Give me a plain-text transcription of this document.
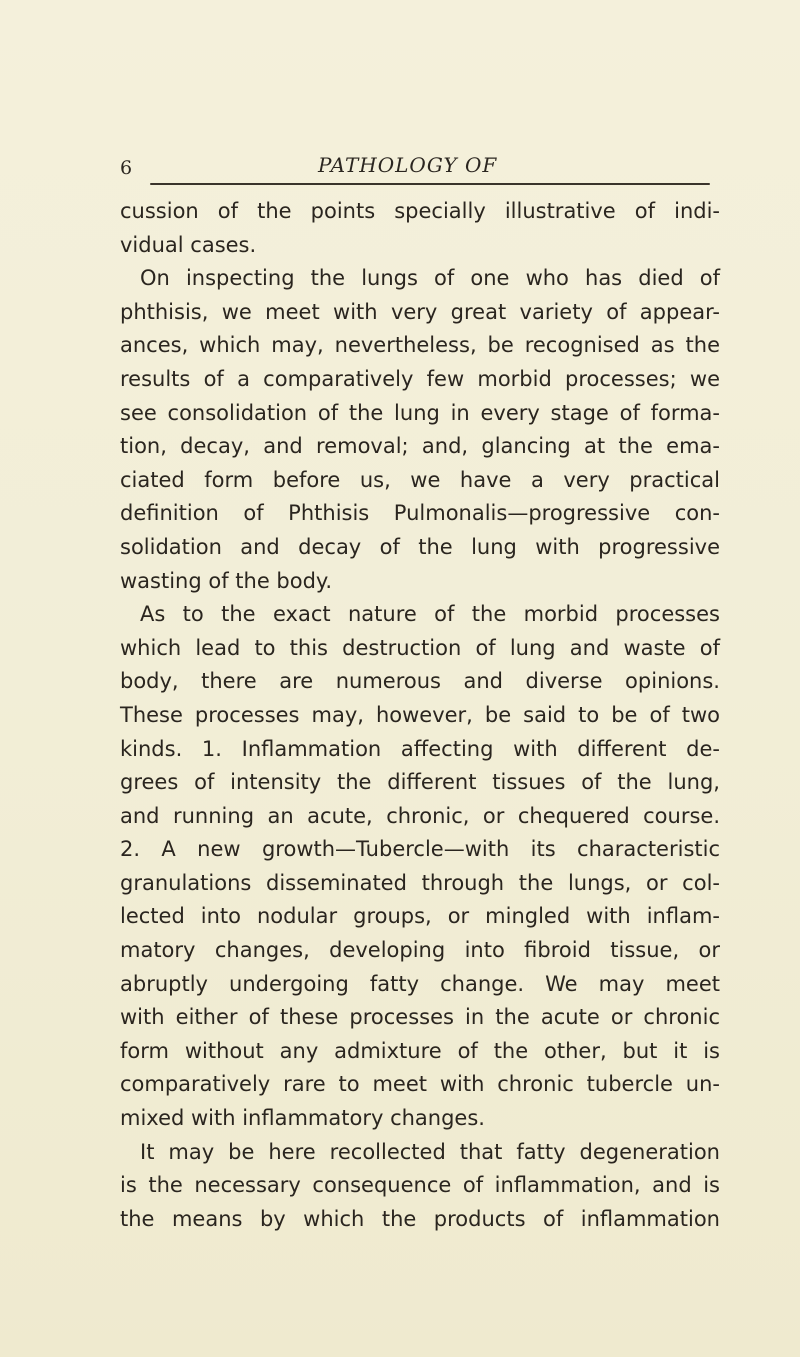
6	PATHOLOGY OF
cussion of the points specially illustrative of indi-
vidual cases.
On inspecting the lungs of one who has died of
phthisis, we meet with very great variety of appear-
ances, which may, nevertheless, be recognised as the
results of a comparatively few morbid processes; we
see consolidation of the lung in every stage of forma-
tion, decay, and removal; and, glancing at the ema-
ciated form before us, we have a very practical
definition of Phthisis Pulmonalis—progressive con-
solidation and decay of the lung with progressive
wasting of the body.
As to the exact nature of the morbid processes
which lead to this destruction of lung and waste of
body, there are numerous and diverse opinions.
These processes may, however, be said to be of two
kinds. 1. Inflammation affecting with different de-
grees of intensity the different tissues of the lung,
and running an acute, chronic, or chequered course.
2. A new growth—Tubercle—with its characteristic
granulations disseminated through the lungs, or col-
lected into nodular groups, or mingled with inflam-
matory changes, developing into fibroid tissue, or
abruptly undergoing fatty change. We may meet
with either of these processes in the acute or chronic
form without any admixture of the other, but it is
comparatively rare to meet with chronic tubercle un-
mixed with inflammatory changes.
It may be here recollected that fatty degeneration
is the necessary consequence of inflammation, and is
the means by which the products of inflammation
